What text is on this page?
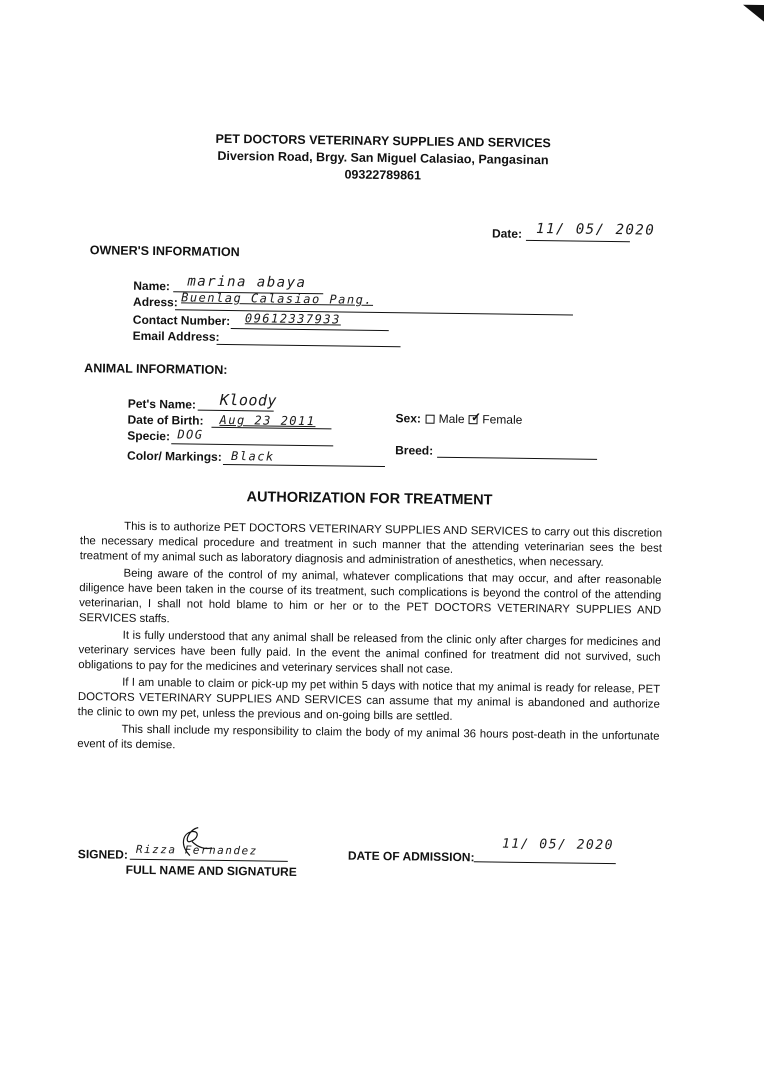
PET DOCTORS VETERINARY SUPPLIES AND SERVICES
Diversion Road, Brgy. San Miguel Calasiao, Pangasinan
09322789861
Date: 11/ 05/ 2020
OWNER'S INFORMATION
Name: marina abaya
Adress: Buenlag Calasiao Pang.
Contact Number: 09612337933
Email Address:
ANIMAL INFORMATION:
Pet's Name: Kloody
Date of Birth: Aug 23 2011
Specie: DOG
Color/ Markings: Black
Sex: Male ✓ Female
Breed:
AUTHORIZATION FOR TREATMENT

This is to authorize PET DOCTORS VETERINARY SUPPLIES AND SERVICES to carry out this discretion the necessary medical procedure and treatment in such manner that the attending veterinarian sees the best treatment of my animal such as laboratory diagnosis and administration of anesthetics, when necessary.

Being aware of the control of my animal, whatever complications that may occur, and after reasonable diligence have been taken in the course of its treatment, such complications is beyond the control of the attending veterinarian, I shall not hold blame to him or her or to the PET DOCTORS VETERINARY SUPPLIES AND SERVICES staffs.

It is fully understood that any animal shall be released from the clinic only after charges for medicines and veterinary services have been fully paid. In the event the animal confined for treatment did not survived, such obligations to pay for the medicines and veterinary services shall not case.

If I am unable to claim or pick-up my pet within 5 days with notice that my animal is ready for release, PET DOCTORS VETERINARY SUPPLIES AND SERVICES can assume that my animal is abandoned and authorize the clinic to own my pet, unless the previous and on-going bills are settled.

This shall include my responsibility to claim the body of my animal 36 hours post-death in the unfortunate event of its demise.

SIGNED: Rizza Fernandez
FULL NAME AND SIGNATURE
DATE OF ADMISSION:
11/ 05/ 2020
